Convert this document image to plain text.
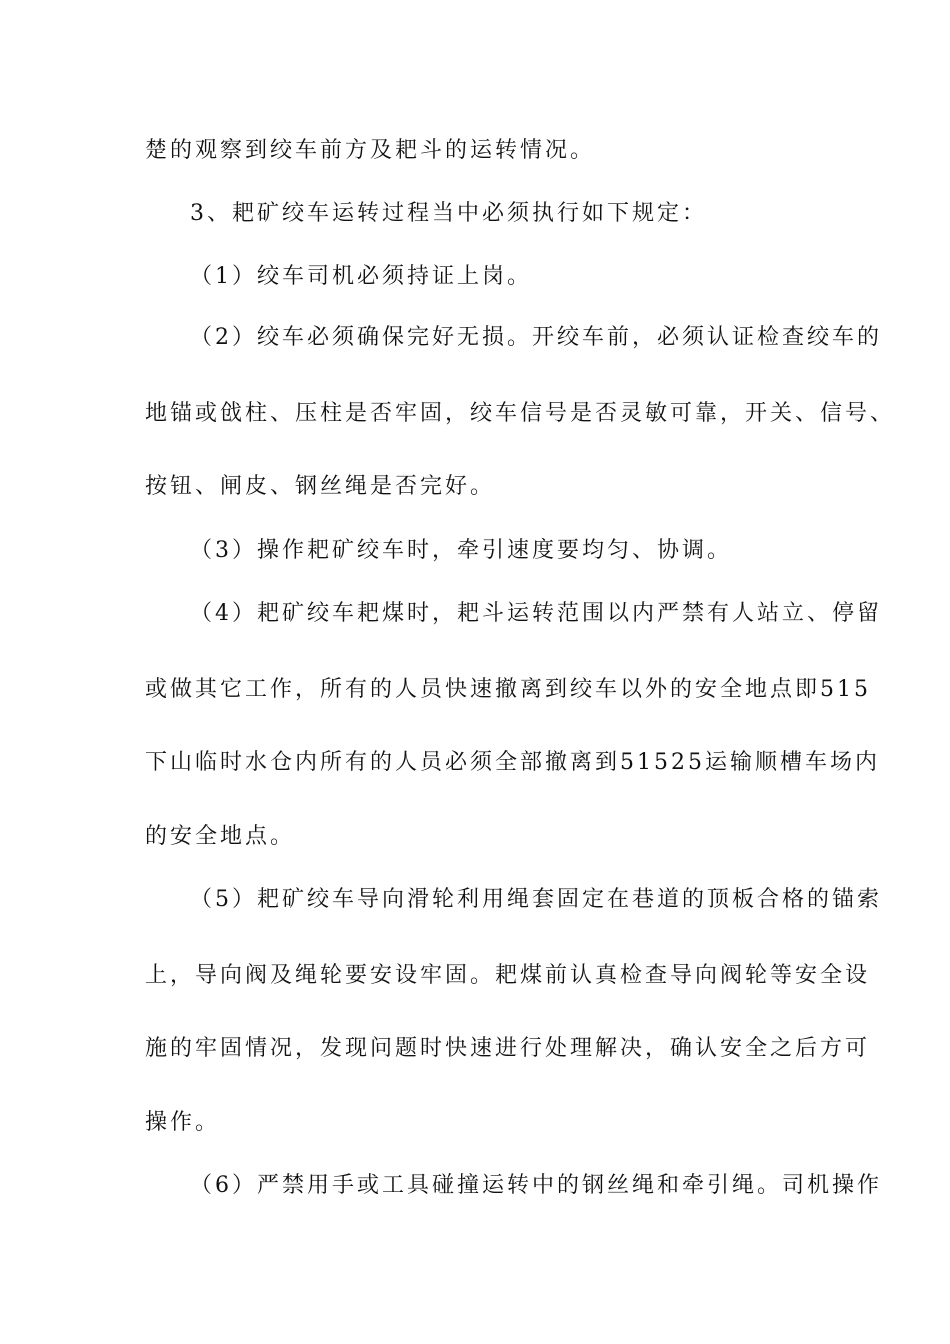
楚的观察到绞车前方及耙斗的运转情况。
3、耙矿绞车运转过程当中必须执行如下规定：
（1）绞车司机必须持证上岗。
（2）绞车必须确保完好无损。开绞车前，必须认证检查绞车的
地锚或戗柱、压柱是否牢固，绞车信号是否灵敏可靠，开关、信号、
按钮、闸皮、钢丝绳是否完好。
（3）操作耙矿绞车时，牵引速度要均匀、协调。
（4）耙矿绞车耙煤时，耙斗运转范围以内严禁有人站立、停留
或做其它工作，所有的人员快速撤离到绞车以外的安全地点即515
下山临时水仓内所有的人员必须全部撤离到51525运输顺槽车场内
的安全地点。
（5）耙矿绞车导向滑轮利用绳套固定在巷道的顶板合格的锚索
上，导向阀及绳轮要安设牢固。耙煤前认真检查导向阀轮等安全设
施的牢固情况，发现问题时快速进行处理解决，确认安全之后方可
操作。
（6）严禁用手或工具碰撞运转中的钢丝绳和牵引绳。司机操作
